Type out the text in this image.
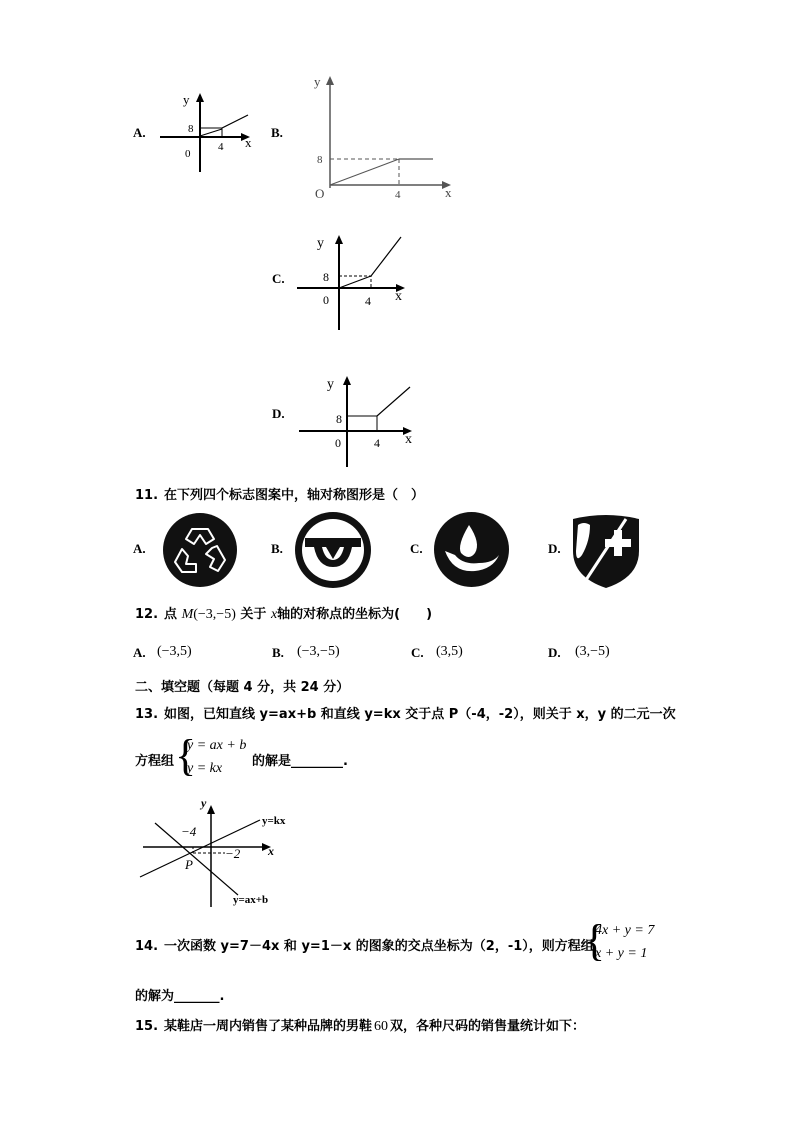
A.
y
8
0
4 x
B.
y
8
O	4	x
C.
y
8
0	4 x
D.
y
8
0	4 x
11. 在下列四个标志图案中，轴对称图形是（　）
A.	B.	C.	D.
12. 点 M(−3,−5) 关于 x轴的对称点的坐标为(　　)
A. (−3,5)	B. (−3,−5)	C. (3,5)	D. (3,−5)
二、填空题（每题 4 分，共 24 分）
13. 如图，已知直线 y=ax+b 和直线 y=kx 交于点 P（-4，-2），则关于 x，y 的二元一次
方程组 {
y = ax + b
y = kx 的解是________.
y
x
−4
−2
P
y=kx
y=ax+b
14. 一次函数 y=7－4x 和 y=1－x 的图象的交点坐标为（2，-1），则方程组
{
4x + y = 7
x + y = 1
的解为_______.
15. 某鞋店一周内销售了某种品牌的男鞋 60 双，各种尺码的销售量统计如下：
